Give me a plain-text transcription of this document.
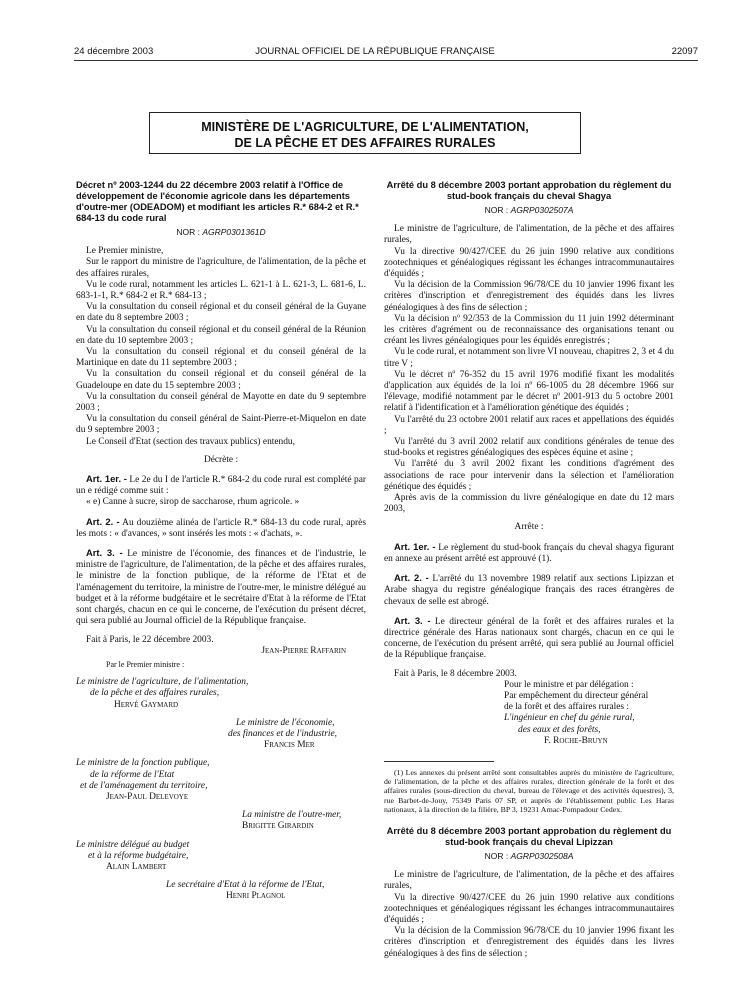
24 décembre 2003	JOURNAL OFFICIEL DE LA RÉPUBLIQUE FRANÇAISE	22097
MINISTÈRE DE L'AGRICULTURE, DE L'ALIMENTATION,
DE LA PÊCHE ET DES AFFAIRES RURALES
Décret nº 2003-1244 du 22 décembre 2003 relatif à l'Office de développement de l'économie agricole dans les départements d'outre-mer (ODEADOM) et modifiant les articles R.* 684-2 et R.* 684-13 du code rural
NOR : AGRP0301361D

Le Premier ministre,

Sur le rapport du ministre de l'agriculture, de l'alimentation, de la pêche et des affaires rurales,

Vu le code rural, notamment les articles L. 621-1 à L. 621-3, L. 681-6, L. 683-1-1, R.* 684-2 et R.* 684-13 ;

Vu la consultation du conseil régional et du conseil général de la Guyane en date du 8 septembre 2003 ;

Vu la consultation du conseil régional et du conseil général de la Réunion en date du 10 septembre 2003 ;

Vu la consultation du conseil régional et du conseil général de la Martinique en date du 11 septembre 2003 ;

Vu la consultation du conseil régional et du conseil général de la Guadeloupe en date du 15 septembre 2003 ;

Vu la consultation du conseil général de Mayotte en date du 9 septembre 2003 ;

Vu la consultation du conseil général de Saint-Pierre-et-Miquelon en date du 9 septembre 2003 ;

Le Conseil d'Etat (section des travaux publics) entendu,

Décrète :

Art. 1er. - Le 2e du I de l'article R.* 684-2 du code rural est complété par un e rédigé comme suit :

« e) Canne à sucre, sirop de saccharose, rhum agricole. »

Art. 2. - Au douzième alinéa de l'article R.* 684-13 du code rural, après les mots : « d'avances, » sont insérés les mots : « d'achats, ».

Art. 3. - Le ministre de l'économie, des finances et de l'industrie, le ministre de l'agriculture, de l'alimentation, de la pêche et des affaires rurales, le ministre de la fonction publique, de la réforme de l'Etat et de l'aménagement du territoire, la ministre de l'outre-mer, le ministre délégué au budget et à la réforme budgétaire et le secrétaire d'Etat à la réforme de l'Etat sont chargés, chacun en ce qui le concerne, de l'exécution du présent décret, qui sera publié au Journal officiel de la République française.

Fait à Paris, le 22 décembre 2003.

Jean-Pierre Raffarin

Par le Premier ministre :

Le ministre de l'agriculture, de l'alimentation,

de la pêche et des affaires rurales,

Hervé Gaymard

Le ministre de l'économie,

des finances et de l'industrie,

Francis Mer

Le ministre de la fonction publique,

de la réforme de l'Etat

et de l'aménagement du territoire,

Jean-Paul Delevoye

La ministre de l'outre-mer,

Brigitte Girardin

Le ministre délégué au budget

et à la réforme budgétaire,

Alain Lambert

Le secrétaire d'Etat à la réforme de l'Etat,

Henri Plagnol

Arrêté du 8 décembre 2003 portant approbation du règlement du stud-book français du cheval Shagya
NOR : AGRP0302507A

Le ministre de l'agriculture, de l'alimentation, de la pêche et des affaires rurales,

Vu la directive 90/427/CEE du 26 juin 1990 relative aux conditions zootechniques et généalogiques régissant les échanges intracommunautaires d'équidés ;

Vu la décision de la Commission 96/78/CE du 10 janvier 1996 fixant les critères d'inscription et d'enregistrement des équidés dans les livres généalogiques à des fins de sélection ;

Vu la décision nº 92/353 de la Commission du 11 juin 1992 déterminant les critères d'agrément ou de reconnaissance des organisations tenant ou créant les livres généalogiques pour les équidés enregistrés ;

Vu le code rural, et notamment son livre VI nouveau, chapitres 2, 3 et 4 du titre V ;

Vu le décret nº 76-352 du 15 avril 1976 modifié fixant les modalités d'application aux équidés de la loi nº 66-1005 du 28 décembre 1966 sur l'élevage, modifié notamment par le décret nº 2001-913 du 5 octobre 2001 relatif à l'identification et à l'amélioration génétique des équidés ;

Vu l'arrêté du 23 octobre 2001 relatif aux races et appellations des équidés ;

Vu l'arrêté du 3 avril 2002 relatif aux conditions générales de tenue des stud-books et registres généalogiques des espèces équine et asine ;

Vu l'arrêté du 3 avril 2002 fixant les conditions d'agrément des associations de race pour intervenir dans la sélection et l'amélioration génétique des équidés ;

Après avis de la commission du livre généalogique en date du 12 mars 2003,

Arrête :

Art. 1er. - Le règlement du stud-book français du cheval shagya figurant en annexe au présent arrêté est approuvé (1).

Art. 2. - L'arrêté du 13 novembre 1989 relatif aux sections Lipizzan et Arabe shagya du registre généalogique français des races étrangères de chevaux de selle est abrogé.

Art. 3. - Le directeur général de la forêt et des affaires rurales et la directrice générale des Haras nationaux sont chargés, chacun en ce qui le concerne, de l'exécution du présent arrêté, qui sera publié au Journal officiel de la République française.

Fait à Paris, le 8 décembre 2003.

Pour le ministre et par délégation :

Par empêchement du directeur général

de la forêt et des affaires rurales :

L'ingénieur en chef du génie rural,

des eaux et des forêts,

F. Roche-Bruyn

(1) Les annexes du présent arrêté sont consultables auprès du ministère de l'agriculture, de l'alimentation, de la pêche et des affaires rurales, direction générale de la forêt et des affaires rurales (sous-direction du cheval, bureau de l'élevage et des activités équestres), 3, rue Barbet-de-Jouy, 75349 Paris 07 SP, et auprès de l'établissement public Les Haras nationaux, à la direction de la filière, BP 3, 19231 Arnac-Pompadour Cedex.

Arrêté du 8 décembre 2003 portant approbation du règlement du stud-book français du cheval Lipizzan
NOR : AGRP0302508A

Le ministre de l'agriculture, de l'alimentation, de la pêche et des affaires rurales,

Vu la directive 90/427/CEE du 26 juin 1990 relative aux conditions zootechniques et généalogiques régissant les échanges intracommunautaires d'équidés ;

Vu la décision de la Commission 96/78/CE du 10 janvier 1996 fixant les critères d'inscription et d'enregistrement des équidés dans les livres généalogiques à des fins de sélection ;
